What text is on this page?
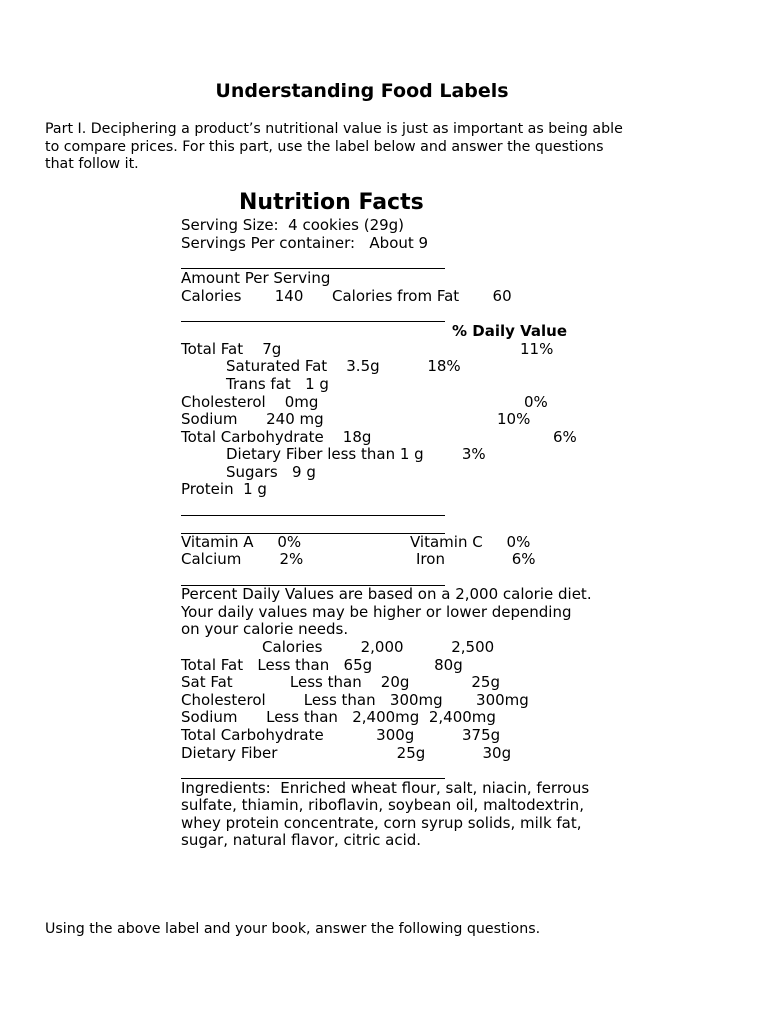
Understanding Food Labels
Part I. Deciphering a product’s nutritional value is just as important as being able
to compare prices. For this part, use the label below and answer the questions
that follow it.
Nutrition Facts
Serving Size:  4 cookies (29g)
Servings Per container:   About 9
Amount Per Serving
Calories       140      Calories from Fat       60
% Daily Value
Total Fat    7g	11%
Saturated Fat    3.5g          18%
Trans fat   1 g
Cholesterol    0mg	0%
Sodium      240 mg	10%
Total Carbohydrate    18g	6%
Dietary Fiber less than 1 g        3%
Sugars   9 g
Protein  1 g
Vitamin A     0%	Vitamin C     0%
Calcium        2%	Iron              6%
Percent Daily Values are based on a 2,000 calorie diet.
Your daily values may be higher or lower depending
on your calorie needs.
Calories        2,000          2,500
Total Fat   Less than   65g             80g
Sat Fat            Less than    20g             25g
Cholesterol        Less than   300mg       300mg
Sodium      Less than   2,400mg  2,400mg
Total Carbohydrate           300g          375g
Dietary Fiber                         25g            30g
Ingredients:  Enriched wheat flour, salt, niacin, ferrous
sulfate, thiamin, riboflavin, soybean oil, maltodextrin,
whey protein concentrate, corn syrup solids, milk fat,
sugar, natural flavor, citric acid.
Using the above label and your book, answer the following questions.
